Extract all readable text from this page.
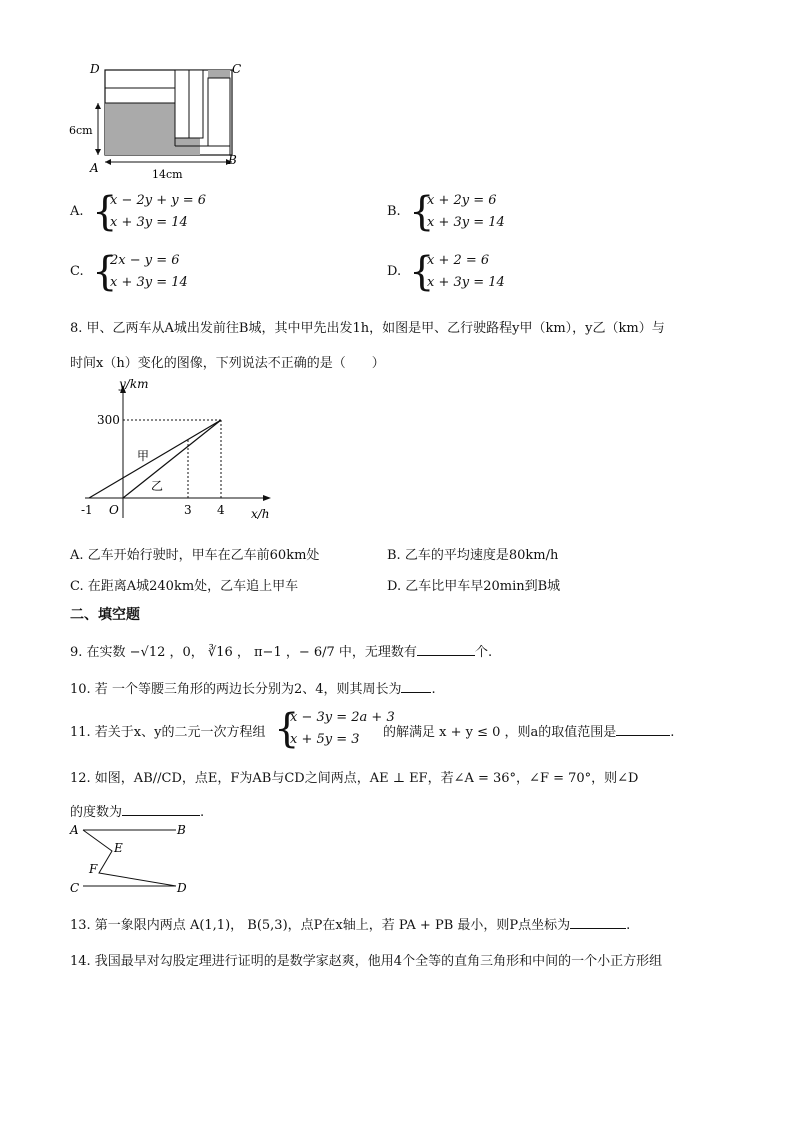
D	C
A
B
6cm
14cm
A. {
x − 2y + y = 6
x + 3y = 14
B. {
x + 2y = 6
x + 3y = 14
C. {
2x − y = 6
x + 3y = 14
D. {
x + 2 = 6
x + 3y = 14
8. 甲、乙两车从A城出发前往B城，其中甲先出发1h，如图是甲、乙行驶路程y甲（km），y乙（km）与
时间x（h）变化的图像，下列说法不正确的是（　　）
y/km
x/h
300
-1 O	3 4
甲
乙
A. 乙车开始行驶时，甲车在乙车前60km处	B. 乙车的平均速度是80km/h
C. 在距离A城240km处，乙车追上甲车	D. 乙车比甲车早20min到B城
二、填空题
9. 在实数 −√12 ，0， ∛16 ， π−1 ，− 6/7 中，无理数有	个.
10. 若 一个等腰三角形的两边长分别为2、4，则其周长为 .
11. 若关于x、y的二元一次方程组 {
x − 3y = 2a + 3
x + 5y = 3 的解满足 x + y ≤ 0 ，则a的取值范围是	.
12. 如图，AB//CD，点E，F为AB与CD之间两点，AE ⊥ EF，若∠A = 36°，∠F = 70°，则∠D
的度数为	.
A	B
E
F
C	D
13. 第一象限内两点 A(1,1)， B(5,3)，点P在x轴上，若 PA + PB 最小，则P点坐标为	.
14. 我国最早对勾股定理进行证明的是数学家赵爽，他用4个全等的直角三角形和中间的一个小正方形组
